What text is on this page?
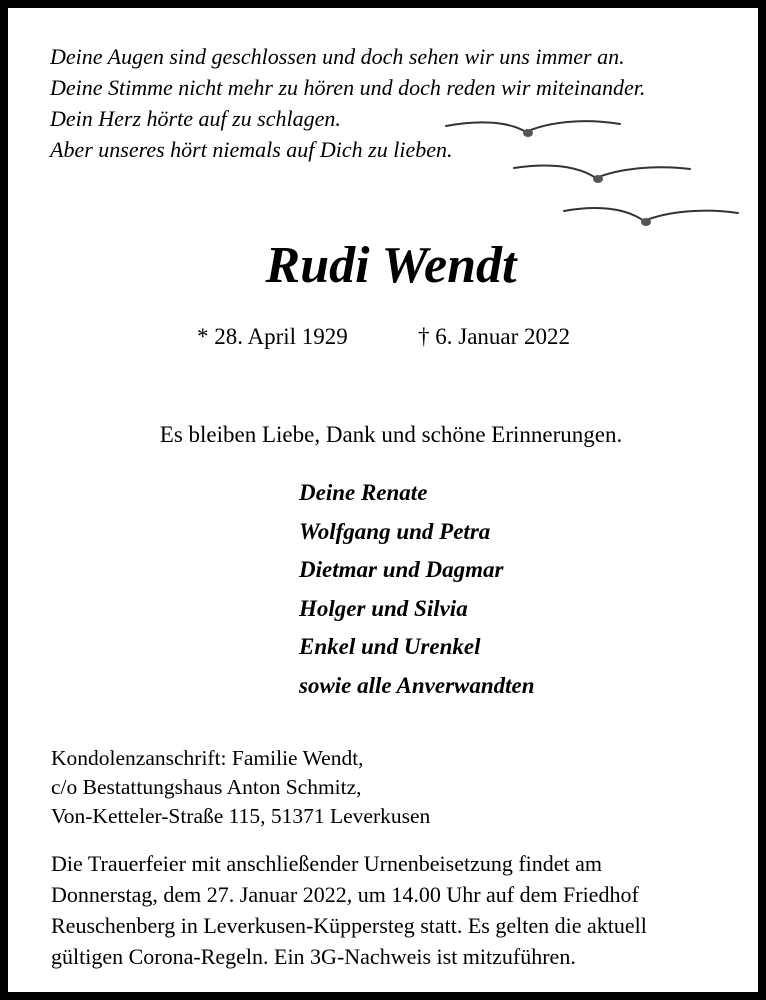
Deine Augen sind geschlossen und doch sehen wir uns immer an.
Deine Stimme nicht mehr zu hören und doch reden wir miteinander.
Dein Herz hörte auf zu schlagen.
Aber unseres hört niemals auf Dich zu lieben.
Rudi Wendt
* 28. April 1929	† 6. Januar 2022
Es bleiben Liebe, Dank und schöne Erinnerungen.
Deine Renate
Wolfgang und Petra
Dietmar und Dagmar
Holger und Silvia
Enkel und Urenkel
sowie alle Anverwandten
Kondolenzanschrift: Familie Wendt,
c/o Bestattungshaus Anton Schmitz,
Von-Ketteler-Straße 115, 51371 Leverkusen
Die Trauerfeier mit anschließender Urnenbeisetzung findet am
Donnerstag, dem 27. Januar 2022, um 14.00 Uhr auf dem Friedhof
Reuschenberg in Leverkusen-Küppersteg statt. Es gelten die aktuell
gültigen Corona-Regeln. Ein 3G-Nachweis ist mitzuführen.
